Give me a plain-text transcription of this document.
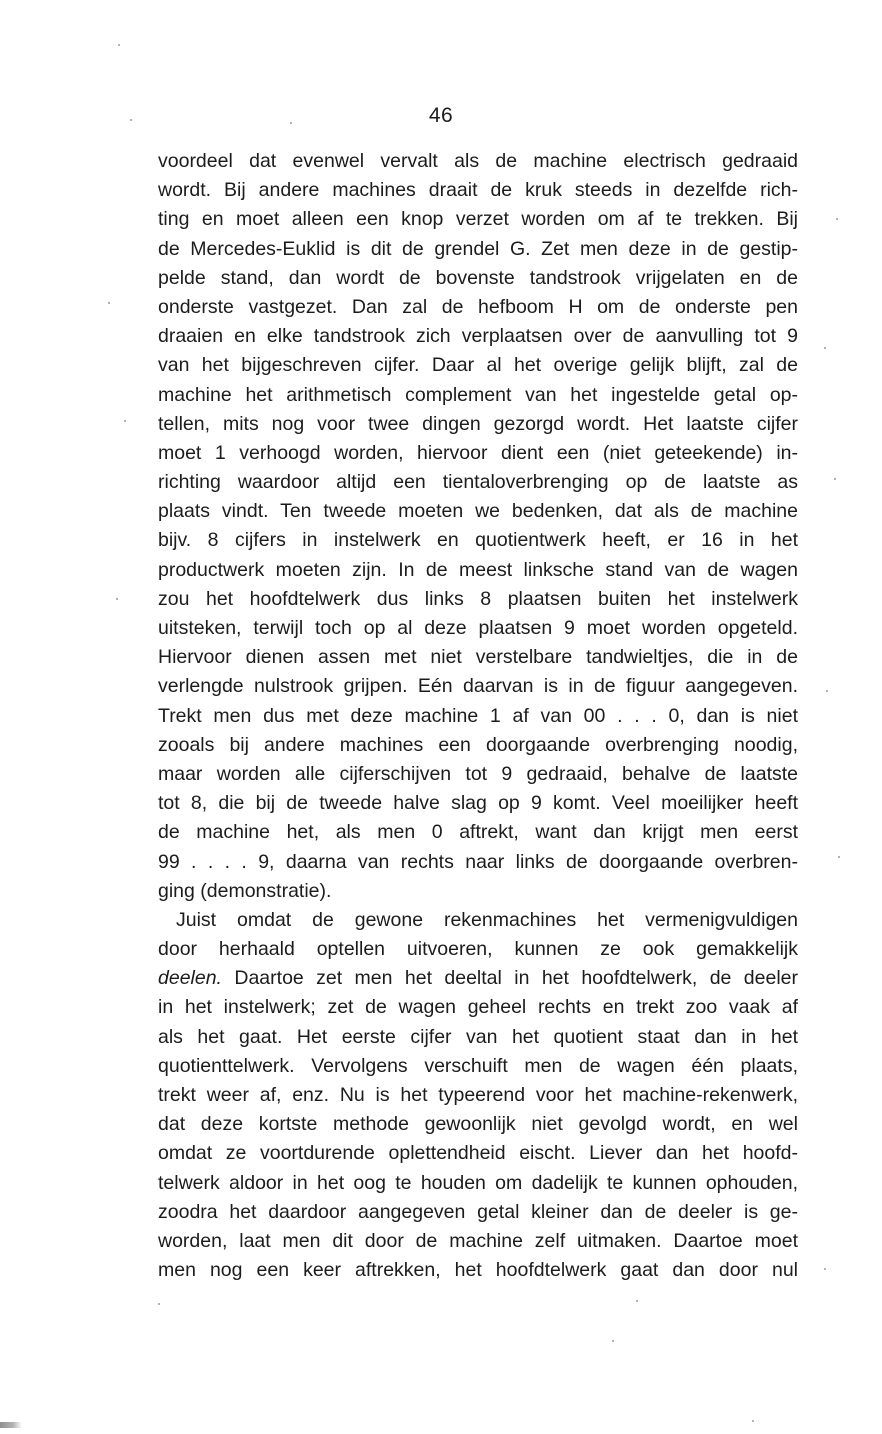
46
voordeel dat evenwel vervalt als de machine electrisch gedraaid
wordt. Bij andere machines draait de kruk steeds in dezelfde rich-
ting en moet alleen een knop verzet worden om af te trekken. Bij
de Mercedes-Euklid is dit de grendel G. Zet men deze in de gestip-
pelde stand, dan wordt de bovenste tandstrook vrijgelaten en de
onderste vastgezet. Dan zal de hefboom H om de onderste pen
draaien en elke tandstrook zich verplaatsen over de aanvulling tot 9
van het bijgeschreven cijfer. Daar al het overige gelijk blijft, zal de
machine het arithmetisch complement van het ingestelde getal op-
tellen, mits nog voor twee dingen gezorgd wordt. Het laatste cijfer
moet 1 verhoogd worden, hiervoor dient een (niet geteekende) in-
richting waardoor altijd een tientaloverbrenging op de laatste as
plaats vindt. Ten tweede moeten we bedenken, dat als de machine
bijv. 8 cijfers in instelwerk en quotientwerk heeft, er 16 in het
productwerk moeten zijn. In de meest linksche stand van de wagen
zou het hoofdtelwerk dus links 8 plaatsen buiten het instelwerk
uitsteken, terwijl toch op al deze plaatsen 9 moet worden opgeteld.
Hiervoor dienen assen met niet verstelbare tandwieltjes, die in de
verlengde nulstrook grijpen. Eén daarvan is in de figuur aangegeven.
Trekt men dus met deze machine 1 af van 00 . . . 0, dan is niet
zooals bij andere machines een doorgaande overbrenging noodig,
maar worden alle cijferschijven tot 9 gedraaid, behalve de laatste
tot 8, die bij de tweede halve slag op 9 komt. Veel moeilijker heeft
de machine het, als men 0 aftrekt, want dan krijgt men eerst
99 . . . . 9, daarna van rechts naar links de doorgaande overbren-
ging (demonstratie).
Juist omdat de gewone rekenmachines het vermenigvuldigen
door herhaald optellen uitvoeren, kunnen ze ook gemakkelijk
deelen. Daartoe zet men het deeltal in het hoofdtelwerk, de deeler
in het instelwerk; zet de wagen geheel rechts en trekt zoo vaak af
als het gaat. Het eerste cijfer van het quotient staat dan in het
quotienttelwerk. Vervolgens verschuift men de wagen één plaats,
trekt weer af, enz. Nu is het typeerend voor het machine-rekenwerk,
dat deze kortste methode gewoonlijk niet gevolgd wordt, en wel
omdat ze voortdurende oplettendheid eischt. Liever dan het hoofd-
telwerk aldoor in het oog te houden om dadelijk te kunnen ophouden,
zoodra het daardoor aangegeven getal kleiner dan de deeler is ge-
worden, laat men dit door de machine zelf uitmaken. Daartoe moet
men nog een keer aftrekken, het hoofdtelwerk gaat dan door nul
